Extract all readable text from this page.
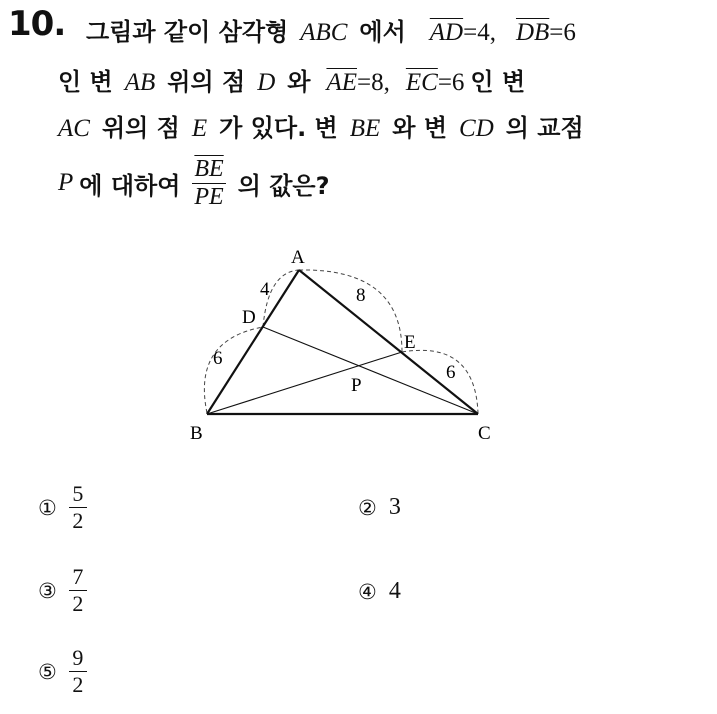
10. 그림과 같이 삼각형 ABC 에서 $\overline{AD}=4$, $\overline{DB}=6$
인 변 AB 위의 점 D 와 $\overline{AE}=8$, $\overline{EC}=6$ 인 변
AC 위의 점 E 가 있다. 변 BE 와 변 CD 의 교점
P 에 대하여 $\frac{\overline{BE}}{PE}$ 의 값은?
A
B	C
D
E
P
4
6
8
6
① $\frac{5}{2}$	② 3
③ $\frac{7}{2}$	④ 4
⑤ $\frac{9}{2}$
